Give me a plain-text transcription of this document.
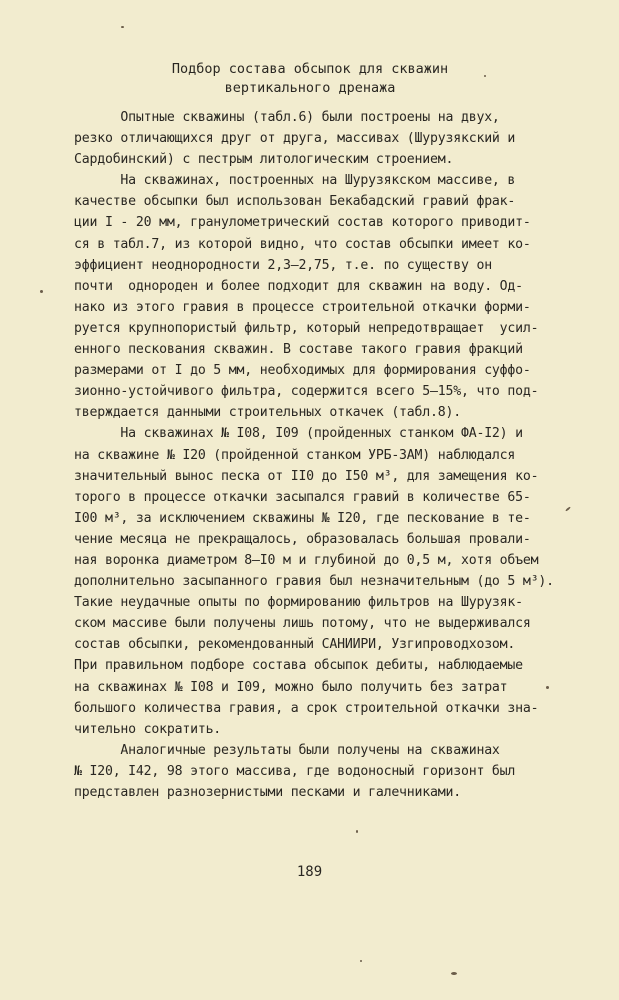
Подбор состава обсыпок для скважин
вертикального дренажа
Опытные скважины (табл.6) были построены на двух,
резко отличающихся друг от друга, массивах (Шурузякский и
Сардобинский) с пестрым литологическим строением.
На скважинах, построенных на Шурузякском массиве, в
качестве обсыпки был использован Бекабадский гравий фрак-
ции I - 20 мм, гранулометрический состав которого приводит-
ся в табл.7, из которой видно, что состав обсыпки имеет ко-
эффициент неоднородности 2,3–2,75, т.е. по существу он
почти  однороден и более подходит для скважин на воду. Од-
нако из этого гравия в процессе строительной откачки форми-
руется крупнопористый фильтр, который непредотвращает  усил-
енного пескования скважин. В составе такого гравия фракций
размерами от I до 5 мм, необходимых для формирования суффо-
зионно-устойчивого фильтра, содержится всего 5–15%, что под-
тверждается данными строительных откачек (табл.8).
На скважинах № I08, I09 (пройденных станком ФА-I2) и
на скважине № I20 (пройденной станком УРБ-3АМ) наблюдался
значительный вынос песка от II0 до I50 м³, для замещения ко-
торого в процессе откачки засыпался гравий в количестве 65-
I00 м³, за исключением скважины № I20, где пескование в те-
чение месяца не прекращалось, образовалась большая провали-
ная воронка диаметром 8–I0 м и глубиной до 0,5 м, хотя объем
дополнительно засыпанного гравия был незначительным (до 5 м³).
Такие неудачные опыты по формированию фильтров на Шурузяк-
ском массиве были получены лишь потому, что не выдерживался
состав обсыпки, рекомендованный САНИИРИ, Узгипроводхозом.
При правильном подборе состава обсыпок дебиты, наблюдаемые
на скважинах № I08 и I09, можно было получить без затрат
большого количества гравия, а срок строительной откачки зна-
чительно сократить.
Аналогичные результаты были получены на скважинах
№ I20, I42, 98 этого массива, где водоносный горизонт был
представлен разнозернистыми песками и галечниками.
189
